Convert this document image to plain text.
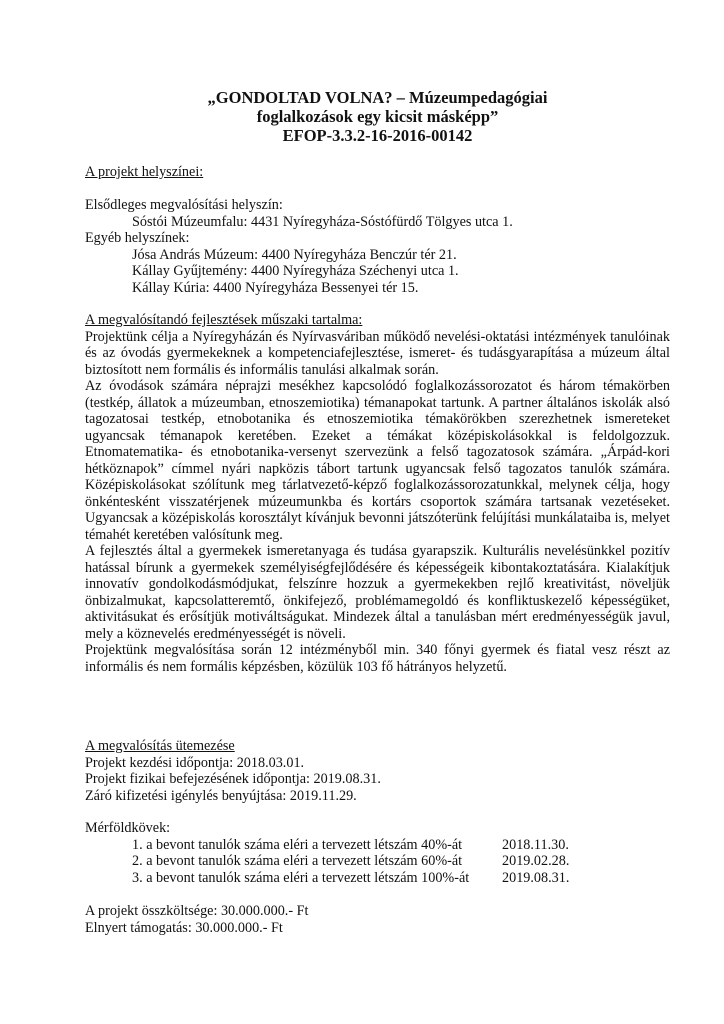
„GONDOLTAD VOLNA? – Múzeumpedagógiai
foglalkozások egy kicsit másképp”
EFOP-3.3.2-16-2016-00142
A projekt helyszínei:
Elsődleges megvalósítási helyszín:
Sóstói Múzeumfalu: 4431 Nyíregyháza-Sóstófürdő Tölgyes utca 1.
Egyéb helyszínek:
Jósa András Múzeum: 4400 Nyíregyháza Benczúr tér 21.
Kállay Gyűjtemény: 4400 Nyíregyháza Széchenyi utca 1.
Kállay Kúria: 4400 Nyíregyháza Bessenyei tér 15.
A megvalósítandó fejlesztések műszaki tartalma:

Projektünk célja a Nyíregyházán és Nyírvasváriban működő nevelési-oktatási intézmények tanulóinak és az óvodás gyermekeknek a kompetenciafejlesztése, ismeret- és tudásgyarapítása a múzeum által biztosított nem formális és informális tanulási alkalmak során.

Az óvodások számára néprajzi mesékhez kapcsolódó foglalkozássorozatot és három témakörben (testkép, állatok a múzeumban, etnoszemiotika) témanapokat tartunk. A partner általános iskolák alsó tagozatosai testkép, etnobotanika és etnoszemiotika témakörökben szerezhetnek ismereteket ugyancsak témanapok keretében. Ezeket a témákat középiskolásokkal is feldolgozzuk. Etnomatematika- és etnobotanika-versenyt szervezünk a felső tagozatosok számára. „Árpád-kori hétköznapok” címmel nyári napközis tábort tartunk ugyancsak felső tagozatos tanulók számára. Középiskolásokat szólítunk meg tárlatvezető-képző foglalkozássorozatunkkal, melynek célja, hogy önkéntesként visszatérjenek múzeumunkba és kortárs csoportok számára tartsanak vezetéseket. Ugyancsak a középiskolás korosztályt kívánjuk bevonni játszóterünk felújítási munkálataiba is, melyet témahét keretében valósítunk meg.

A fejlesztés által a gyermekek ismeretanyaga és tudása gyarapszik. Kulturális nevelésünkkel pozitív hatással bírunk a gyermekek személyiségfejlődésére és képességeik kibontakoztatására. Kialakítjuk innovatív gondolkodásmódjukat, felszínre hozzuk a gyermekekben rejlő kreativitást, növeljük önbizalmukat, kapcsolatteremtő, önkifejező, problémamegoldó és konfliktuskezelő képességüket, aktivitásukat és erősítjük motiváltságukat. Mindezek által a tanulásban mért eredményességük javul, mely a köznevelés eredményességét is növeli.

Projektünk megvalósítása során 12 intézményből min. 340 főnyi gyermek és fiatal vesz részt az informális és nem formális képzésben, közülük 103 fő hátrányos helyzetű.

A megvalósítás ütemezése
Projekt kezdési időpontja: 2018.03.01.
Projekt fizikai befejezésének időpontja: 2019.08.31.
Záró kifizetési igénylés benyújtása: 2019.11.29.
Mérföldkövek:
1. a bevont tanulók száma eléri a tervezett létszám 40%-át	2018.11.30.
2. a bevont tanulók száma eléri a tervezett létszám 60%-át	2019.02.28.
3. a bevont tanulók száma eléri a tervezett létszám 100%-át	2019.08.31.
A projekt összköltsége: 30.000.000.- Ft
Elnyert támogatás: 30.000.000.- Ft
